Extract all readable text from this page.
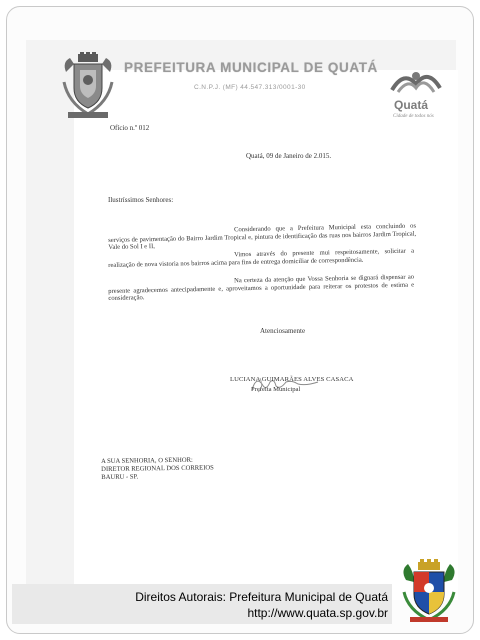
PREFEITURA MUNICIPAL DE QUATÁ
C.N.P.J. (MF) 44.547.313/0001-30
Quatá
Cidade de todos nós
Ofício n.º 012
Quatá, 09 de Janeiro de 2.015.
Ilustríssimos Senhores:

Considerando que a Prefeitura Municipal esta concluindo os serviços de pavimentação do Bairro Jardim Tropical e, pintura de identificação das ruas nos bairros Jardim Tropical, Vale do Sol I e II,

Vimos através do presente mui respeitosamente, solicitar a realização de nova vistoria nos bairros acima para fins de entrega domiciliar de correspondência.

Na certeza da atenção que Vossa Senhoria se dignará dispensar ao presente agradecemos antecipadamente e, aproveitamos a oportunidade para reiterar os protestos de estima e consideração.

Atenciosamente
LUCIANA GUIMARÃES ALVES CASACA
Prefeita Municipal
A SUA SENHORIA, O SENHOR:
DIRETOR REGIONAL DOS CORREIOS
BAURU - SP.
Direitos Autorais: Prefeitura Municipal de Quatá
http://www.quata.sp.gov.br
